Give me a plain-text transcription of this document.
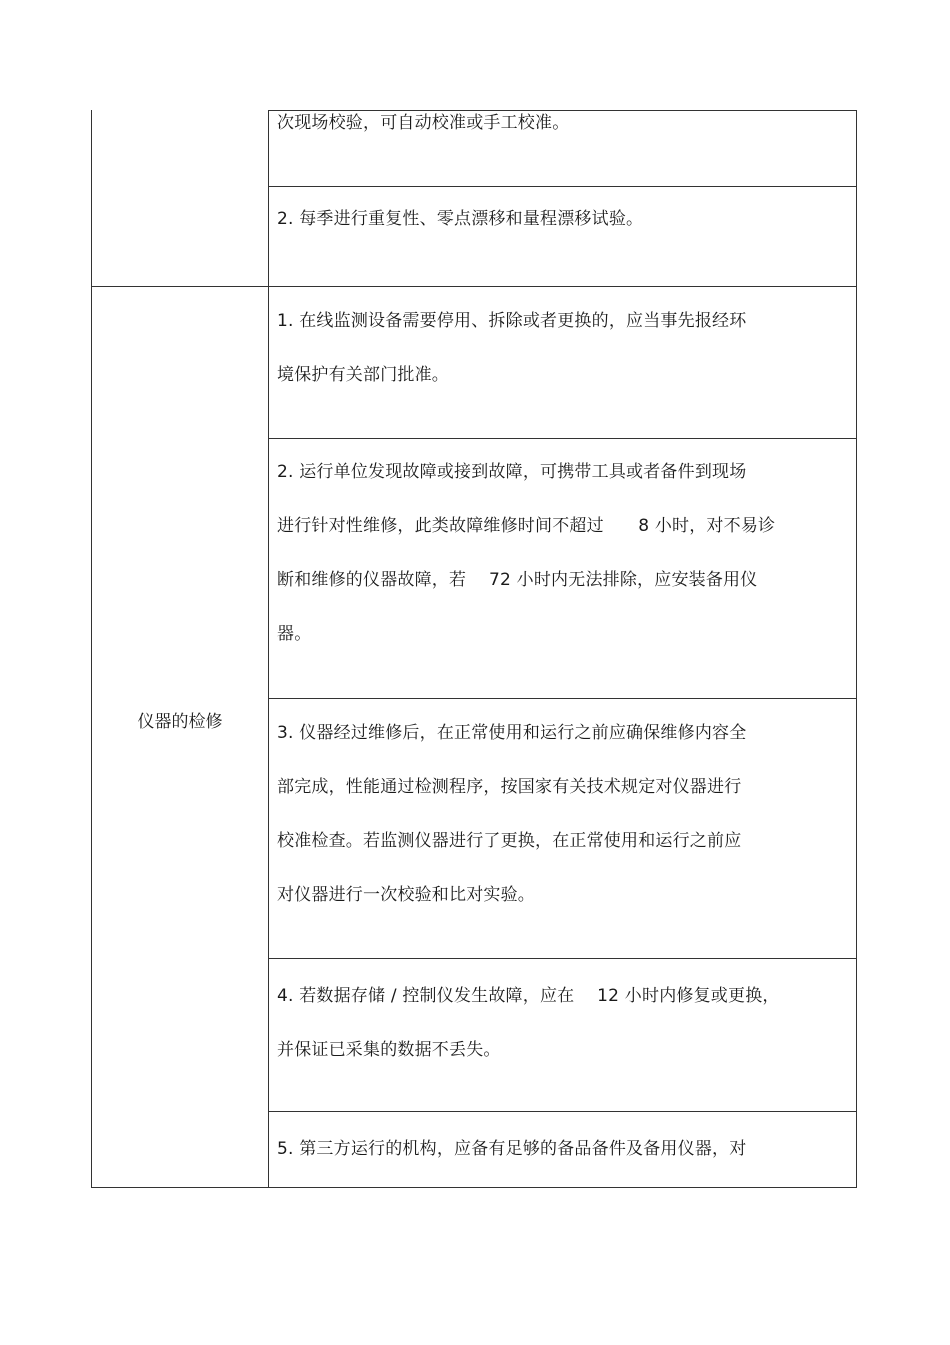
仪器的检修
次现场校验，可自动校准或手工校准。
2. 每季进行重复性、零点漂移和量程漂移试验。
1. 在线监测设备需要停用、拆除或者更换的，应当事先报经环
境保护有关部门批准。
2. 运行单位发现故障或接到故障，可携带工具或者备件到现场
进行针对性维修，此类故障维修时间不超过　　8 小时，对不易诊
断和维修的仪器故障，若　 72 小时内无法排除，应安装备用仪
器。
3. 仪器经过维修后，在正常使用和运行之前应确保维修内容全
部完成，性能通过检测程序，按国家有关技术规定对仪器进行
校准检查。若监测仪器进行了更换，在正常使用和运行之前应
对仪器进行一次校验和比对实验。
4. 若数据存储 / 控制仪发生故障，应在　 12 小时内修复或更换，
并保证已采集的数据不丢失。
5. 第三方运行的机构，应备有足够的备品备件及备用仪器，对
